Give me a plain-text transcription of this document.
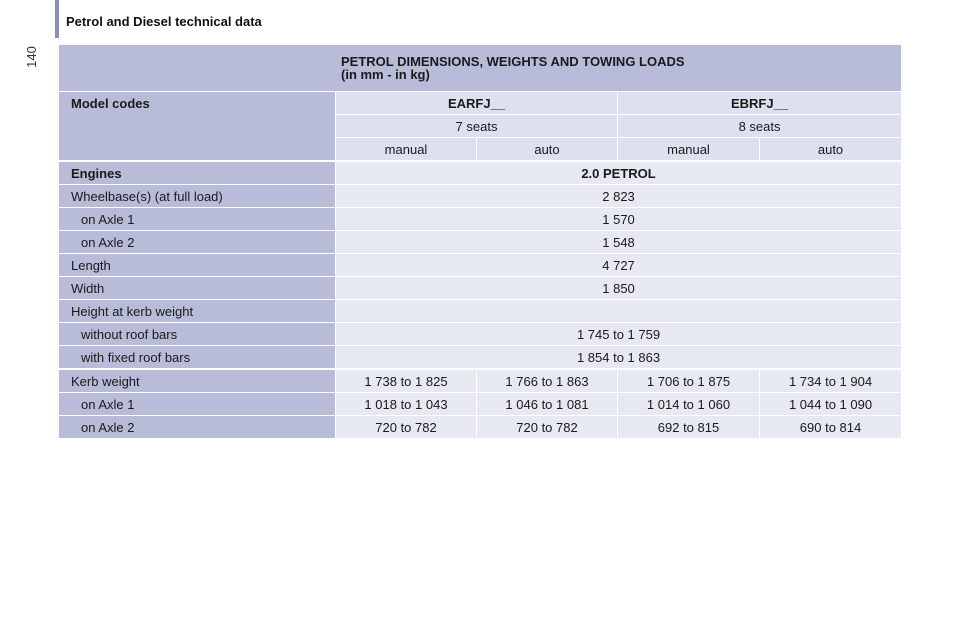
Petrol and Diesel technical data
140	PETROL DIMENSIONS, WEIGHTS AND TOWING LOADS
(in mm - in kg)				

Model codes	EARFJ__		EBRFJ__	
	7 seats		8 seats	
	manual	auto	manual	auto
Engines	2.0 PETROL			
Wheelbase(s) (at full load)	2 823			
on Axle 1	1 570			
on Axle 2	1 548			
Length	4 727			
Width	1 850			
Height at kerb weight				
without roof bars	1 745 to 1 759			
with fixed roof bars	1 854 to 1 863			
Kerb weight	1 738 to 1 825	1 766 to 1 863	1 706 to 1 875	1 734 to 1 904
on Axle 1	1 018 to 1 043	1 046 to 1 081	1 014 to 1 060	1 044 to 1 090
on Axle 2	720 to 782	720 to 782	692 to 815	690 to 814
